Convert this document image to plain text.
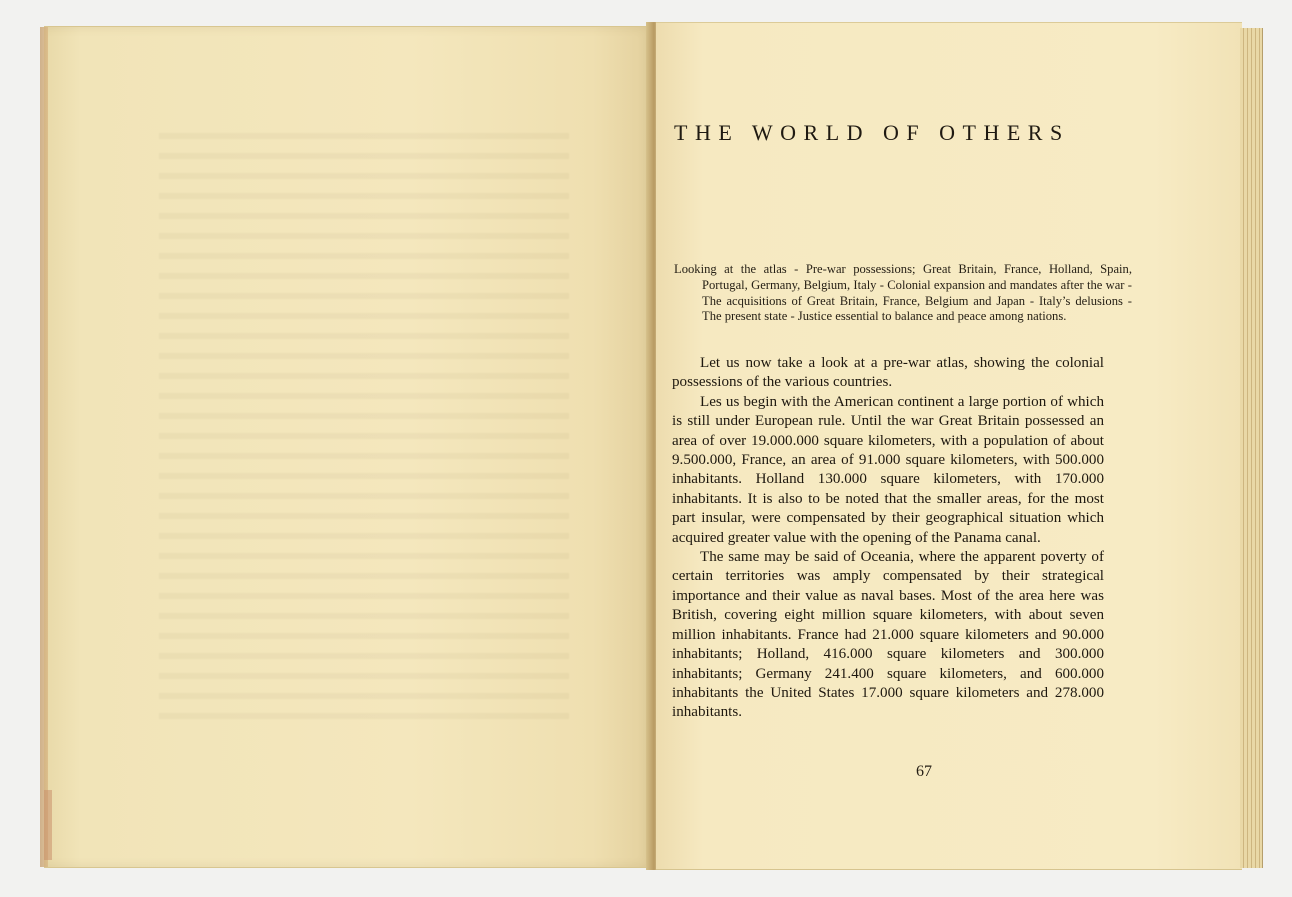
THE WORLD OF OTHERS
Looking at the atlas - Pre-war possessions; Great Britain, France, Holland, Spain, Portugal, Germany, Belgium, Italy - Colonial expansion and mandates after the war - The acquisitions of Great Britain, France, Belgium and Japan - Italy’s delusions - The present state - Justice essential to balance and peace among nations.

Let us now take a look at a pre-war atlas, showing the colonial possessions of the various countries.

Les us begin with the American continent a large portion of which is still under European rule. Until the war Great Britain possessed an area of over 19.000.000 square kilometers, with a population of about 9.500.000, France, an area of 91.000 square kilometers, with 500.000 inhabitants. Holland 130.000 square kilometers, with 170.000 inhabitants. It is also to be noted that the smaller areas, for the most part insular, were compensated by their geographical situation which acquired greater value with the opening of the Panama canal.

The same may be said of Oceania, where the apparent poverty of certain territories was amply compensated by their strategical importance and their value as naval bases. Most of the area here was British, covering eight million square kilometers, with about seven million inhabitants. France had 21.000 square kilometers and 90.000 inhabitants; Holland, 416.000 square kilometers and 300.000 inhabitants; Germany 241.400 square kilometers, and 600.000 inhabitants the United States 17.000 square kilometers and 278.000 inhabitants.

67
